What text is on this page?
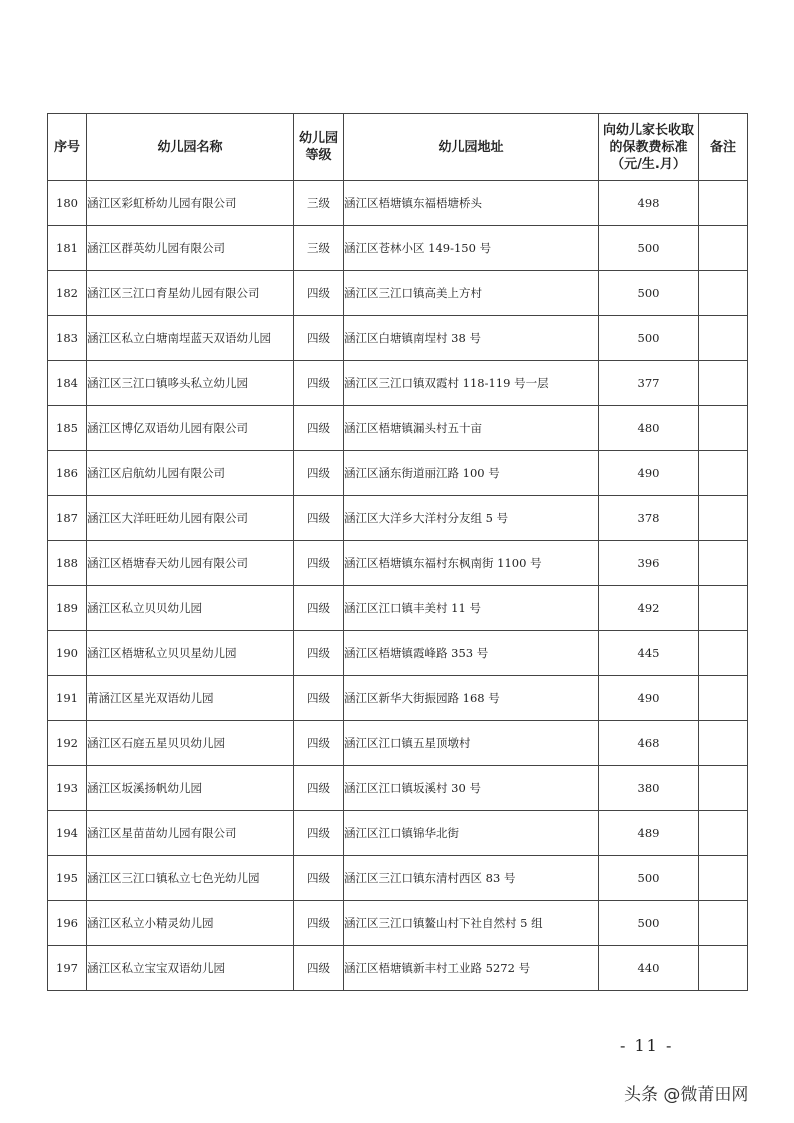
序号	幼儿园名称	幼儿园等级	幼儿园地址	向幼儿家长收取的保教费标准（元/生.月）	备注
180	涵江区彩虹桥幼儿园有限公司	三级	涵江区梧塘镇东福梧塘桥头	498	
181	涵江区群英幼儿园有限公司	三级	涵江区苍林小区 149-150 号	500	
182	涵江区三江口育星幼儿园有限公司	四级	涵江区三江口镇高美上方村	500	
183	涵江区私立白塘南埕蓝天双语幼儿园	四级	涵江区白塘镇南埕村 38 号	500	
184	涵江区三江口镇哆头私立幼儿园	四级	涵江区三江口镇双霞村 118-119 号一层	377	
185	涵江区博亿双语幼儿园有限公司	四级	涵江区梧塘镇漏头村五十亩	480	
186	涵江区启航幼儿园有限公司	四级	涵江区涵东街道丽江路 100 号	490	
187	涵江区大洋旺旺幼儿园有限公司	四级	涵江区大洋乡大洋村分友组 5 号	378	
188	涵江区梧塘春天幼儿园有限公司	四级	涵江区梧塘镇东福村东枫南街 1100 号	396	
189	涵江区私立贝贝幼儿园	四级	涵江区江口镇丰美村 11 号	492	
190	涵江区梧塘私立贝贝星幼儿园	四级	涵江区梧塘镇霞峰路 353 号	445	
191	莆涵江区星光双语幼儿园	四级	涵江区新华大街振园路 168 号	490	
192	涵江区石庭五星贝贝幼儿园	四级	涵江区江口镇五星顶墩村	468	
193	涵江区坂溪扬帆幼儿园	四级	涵江区江口镇坂溪村 30 号	380	
194	涵江区星苗苗幼儿园有限公司	四级	涵江区江口镇锦华北街	489	
195	涵江区三江口镇私立七色光幼儿园	四级	涵江区三江口镇东清村西区 83 号	500	
196	涵江区私立小精灵幼儿园	四级	涵江区三江口镇鳌山村下社自然村 5 组	500	
197	涵江区私立宝宝双语幼儿园	四级	涵江区梧塘镇新丰村工业路 5272 号	440	
- 11 -
头条 @微莆田网
